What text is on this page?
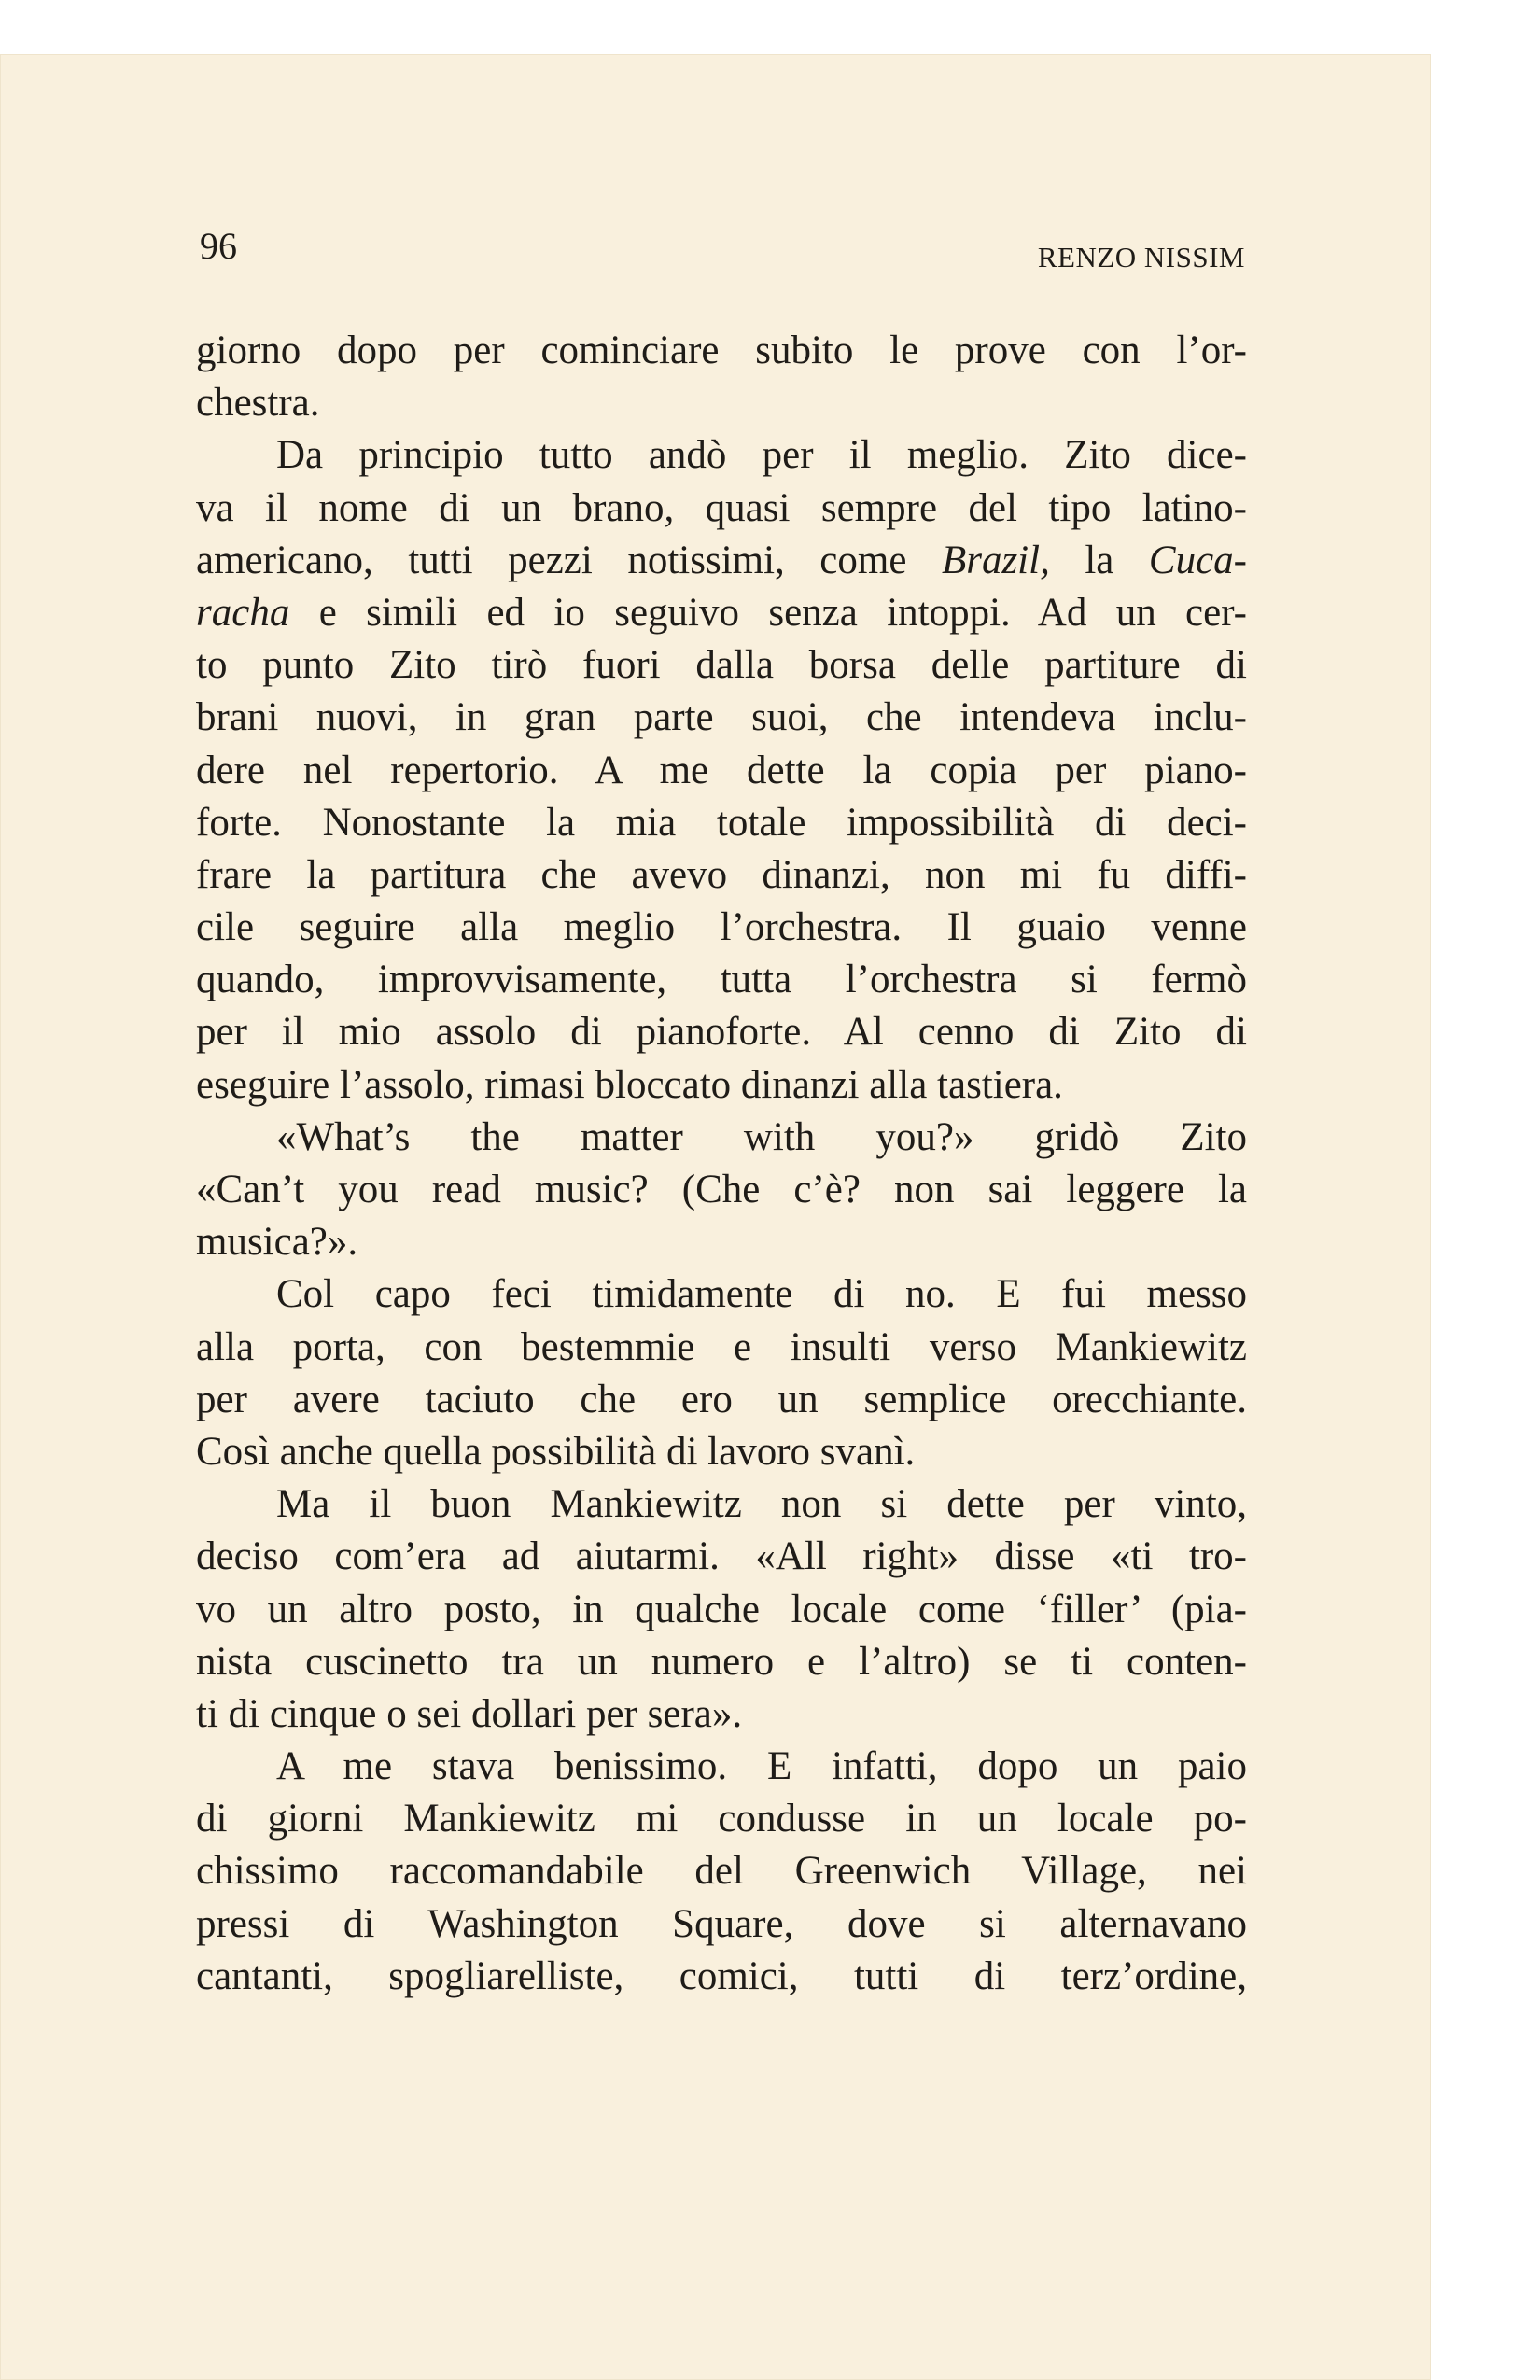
96	RENZO NISSIM
giorno dopo per cominciare subito le prove con l’or-
chestra.
Da principio tutto andò per il meglio. Zito dice-
va il nome di un brano, quasi sempre del tipo latino-
americano, tutti pezzi notissimi, come Brazil, la Cuca-
racha e simili ed io seguivo senza intoppi. Ad un cer-
to punto Zito tirò fuori dalla borsa delle partiture di
brani nuovi, in gran parte suoi, che intendeva inclu-
dere nel repertorio. A me dette la copia per piano-
forte. Nonostante la mia totale impossibilità di deci-
frare la partitura che avevo dinanzi, non mi fu diffi-
cile seguire alla meglio l’orchestra. Il guaio venne
quando, improvvisamente, tutta l’orchestra si fermò
per il mio assolo di pianoforte. Al cenno di Zito di
eseguire l’assolo, rimasi bloccato dinanzi alla tastiera.
«What’s the matter with you?» gridò Zito
«Can’t you read music? (Che c’è? non sai leggere la
musica?».
Col capo feci timidamente di no. E fui messo
alla porta, con bestemmie e insulti verso Mankiewitz
per avere taciuto che ero un semplice orecchiante.
Così anche quella possibilità di lavoro svanì.
Ma il buon Mankiewitz non si dette per vinto,
deciso com’era ad aiutarmi. «All right» disse «ti tro-
vo un altro posto, in qualche locale come ‘filler’ (pia-
nista cuscinetto tra un numero e l’altro) se ti conten-
ti di cinque o sei dollari per sera».
A me stava benissimo. E infatti, dopo un paio
di giorni Mankiewitz mi condusse in un locale po-
chissimo raccomandabile del Greenwich Village, nei
pressi di Washington Square, dove si alternavano
cantanti, spogliarelliste, comici, tutti di terz’ordine,
